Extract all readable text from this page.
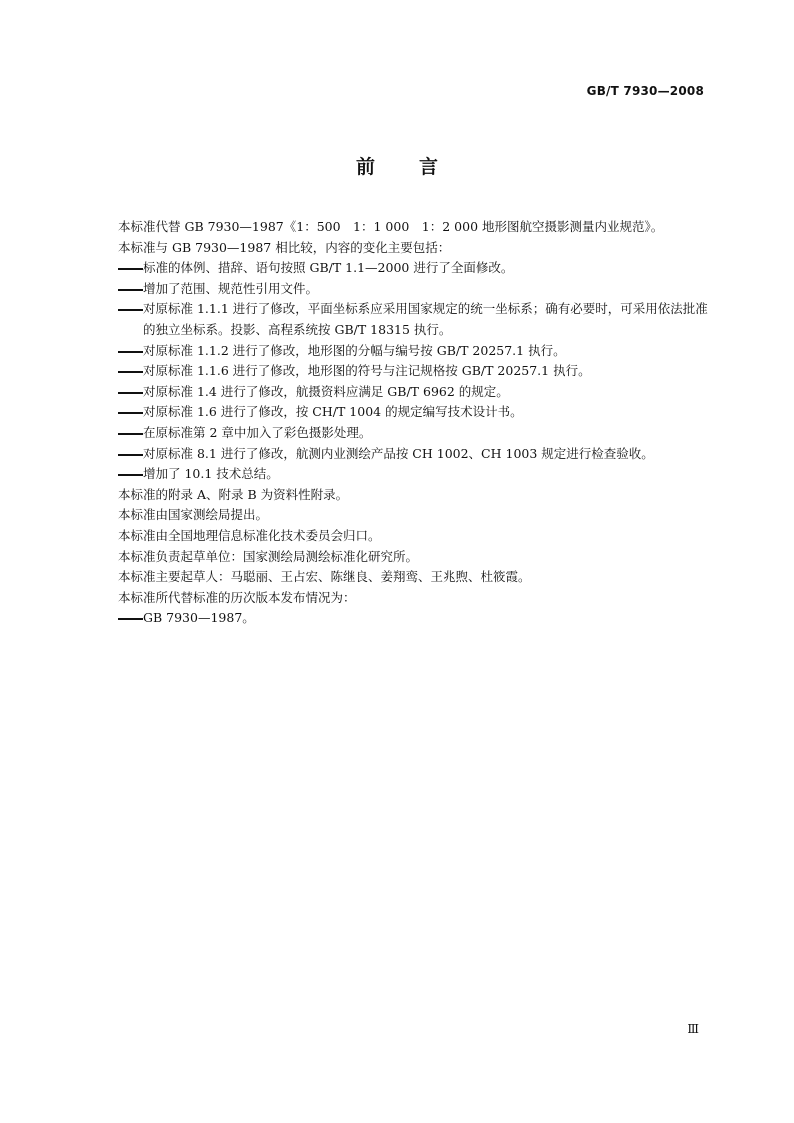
GB/T 7930—2008
前言
本标准代替 GB 7930—1987《1：500　1：1 000　1：2 000 地形图航空摄影测量内业规范》。
本标准与 GB 7930—1987 相比较，内容的变化主要包括：
标准的体例、措辞、语句按照 GB/T 1.1—2000 进行了全面修改。
增加了范围、规范性引用文件。
对原标准 1.1.1 进行了修改，平面坐标系应采用国家规定的统一坐标系；确有必要时，可采用依法批准的独立坐标系。投影、高程系统按 GB/T 18315 执行。
对原标准 1.1.2 进行了修改，地形图的分幅与编号按 GB/T 20257.1 执行。
对原标准 1.1.6 进行了修改，地形图的符号与注记规格按 GB/T 20257.1 执行。
对原标准 1.4 进行了修改，航摄资料应满足 GB/T 6962 的规定。
对原标准 1.6 进行了修改，按 CH/T 1004 的规定编写技术设计书。
在原标准第 2 章中加入了彩色摄影处理。
对原标准 8.1 进行了修改，航测内业测绘产品按 CH 1002、CH 1003 规定进行检查验收。
增加了 10.1 技术总结。
本标准的附录 A、附录 B 为资料性附录。
本标准由国家测绘局提出。
本标准由全国地理信息标准化技术委员会归口。
本标准负责起草单位：国家测绘局测绘标准化研究所。
本标准主要起草人：马聪丽、王占宏、陈继良、姜翔鸾、王兆煦、杜筱霞。
本标准所代替标准的历次版本发布情况为：
GB 7930—1987。
Ⅲ
